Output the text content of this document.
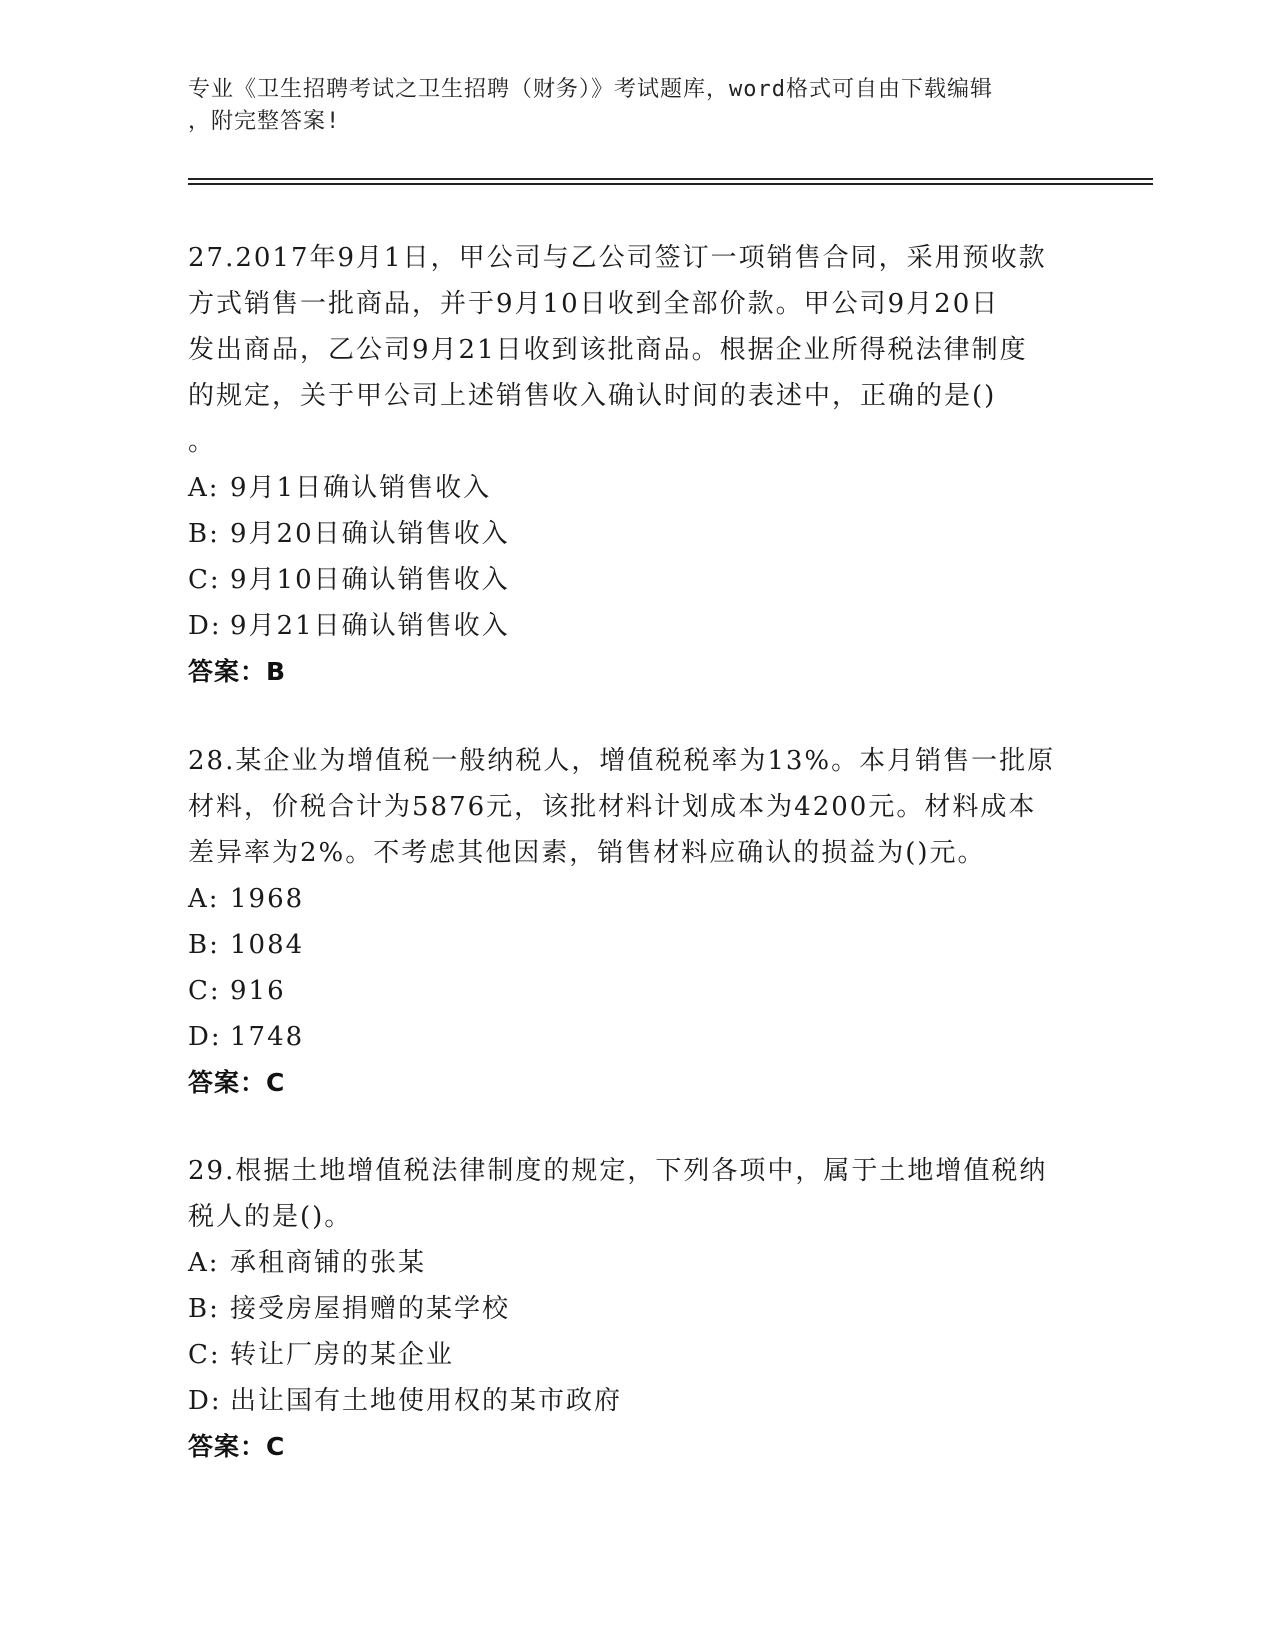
专业《卫生招聘考试之卫生招聘（财务）》考试题库，word格式可自由下载编辑
，附完整答案!
27.2017年9月1日，甲公司与乙公司签订一项销售合同，采用预收款
方式销售一批商品，并于9月10日收到全部价款。甲公司9月20日
发出商品，乙公司9月21日收到该批商品。根据企业所得税法律制度
的规定，关于甲公司上述销售收入确认时间的表述中，正确的是()
。
A: 9月1日确认销售收入
B: 9月20日确认销售收入
C: 9月10日确认销售收入
D: 9月21日确认销售收入
答案：B
28.某企业为增值税一般纳税人，增值税税率为13%。本月销售一批原
材料，价税合计为5876元，该批材料计划成本为4200元。材料成本
差异率为2%。不考虑其他因素，销售材料应确认的损益为()元。
A: 1968
B: 1084
C: 916
D: 1748
答案：C
29.根据土地增值税法律制度的规定，下列各项中，属于土地增值税纳
税人的是()。
A: 承租商铺的张某
B: 接受房屋捐赠的某学校
C: 转让厂房的某企业
D: 出让国有土地使用权的某市政府
答案：C
